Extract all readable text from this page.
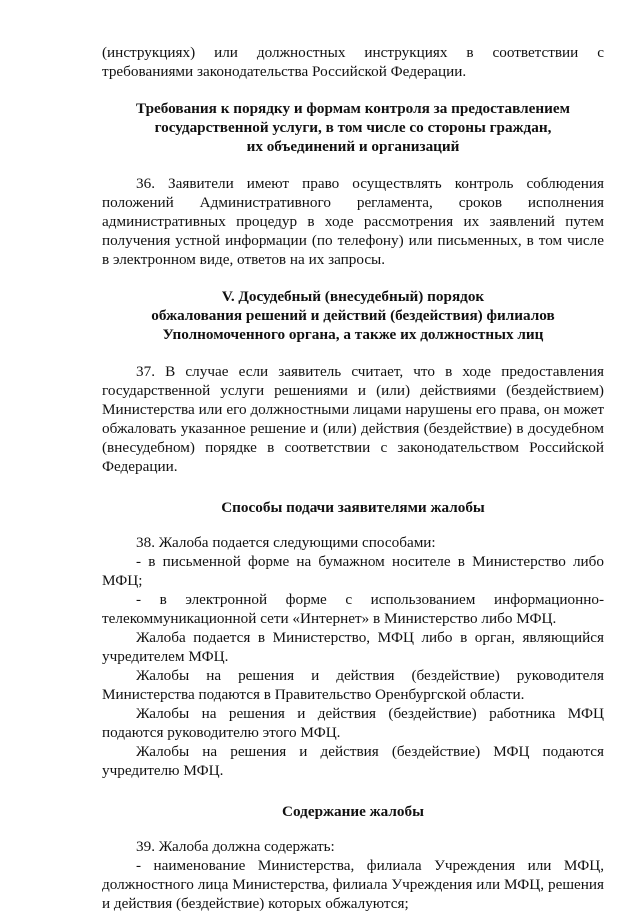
(инструкциях) или должностных инструкциях в соответствии с требованиями законодательства Российской Федерации.

Требования к порядку и формам контроля за предоставлением

государственной услуги, в том числе со стороны граждан,

их объединений и организаций

36. Заявители имеют право осуществлять контроль соблюдения положений Административного регламента, сроков исполнения административных процедур в ходе рассмотрения их заявлений путем получения устной информации (по телефону) или письменных, в том числе в электронном виде, ответов на их запросы.

V. Досудебный (внесудебный) порядок

обжалования решений и действий (бездействия) филиалов

Уполномоченного органа, а также их должностных лиц

37. В случае если заявитель считает, что в ходе предоставления государственной услуги решениями и (или) действиями (бездействием) Министерства или его должностными лицами нарушены его права, он может обжаловать указанное решение и (или) действия (бездействие) в досудебном (внесудебном) порядке в соответствии с законодательством Российской Федерации.

Способы подачи заявителями жалобы

38. Жалоба подается следующими способами:

- в письменной форме на бумажном носителе в Министерство либо МФЦ;

- в электронной форме с использованием информационно-телекоммуникационной сети «Интернет» в Министерство либо МФЦ.

Жалоба подается в Министерство, МФЦ либо в орган, являющийся учредителем МФЦ.

Жалобы на решения и действия (бездействие) руководителя Министерства подаются в Правительство Оренбургской области.

Жалобы на решения и действия (бездействие) работника МФЦ подаются руководителю этого МФЦ.

Жалобы на решения и действия (бездействие) МФЦ подаются учредителю МФЦ.

Содержание жалобы

39. Жалоба должна содержать:

- наименование Министерства, филиала Учреждения или МФЦ, должностного лица Министерства, филиала Учреждения или МФЦ, решения и действия (бездействие) которых обжалуются;
